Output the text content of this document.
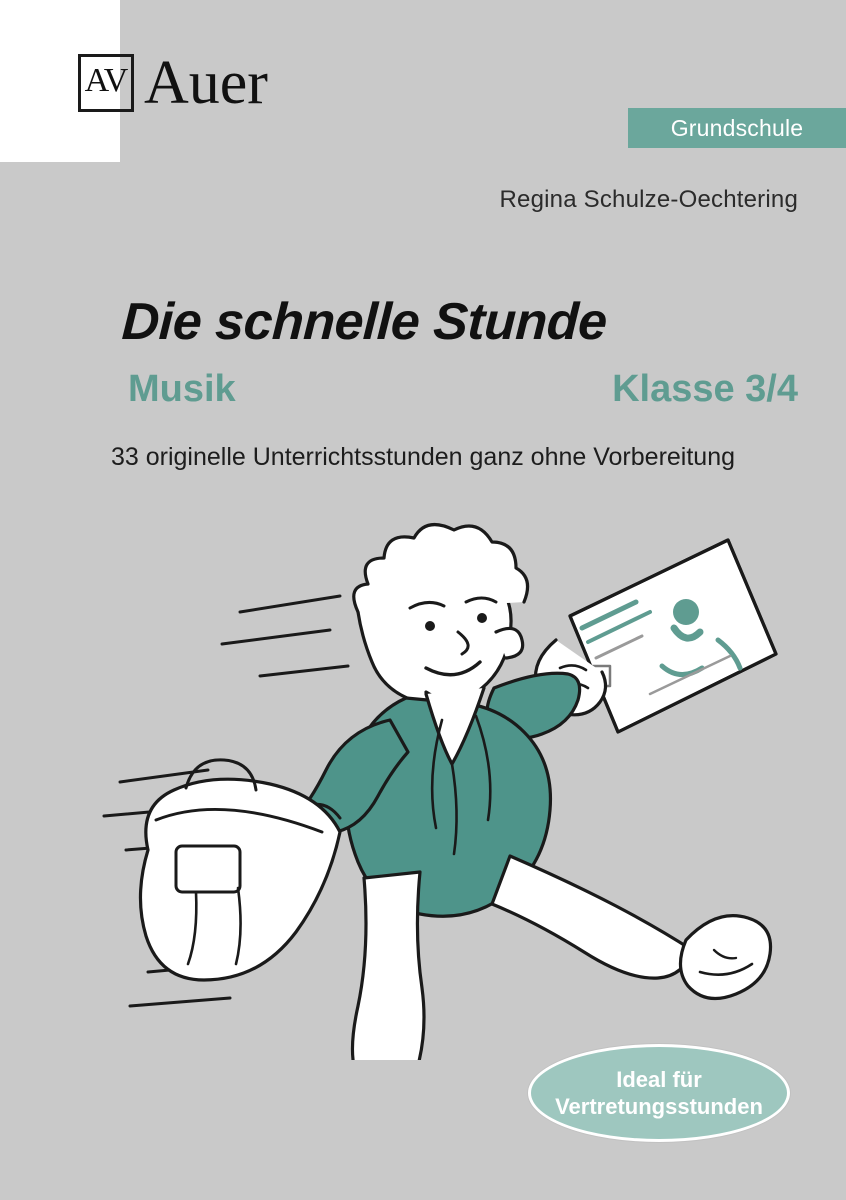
AV Auer
Grundschule
Regina Schulze-Oechtering
Die schnelle Stunde
Musik	Klasse 3/4
33 originelle Unterrichtsstunden ganz ohne Vorbereitung
Ideal für
Vertretungsstunden
